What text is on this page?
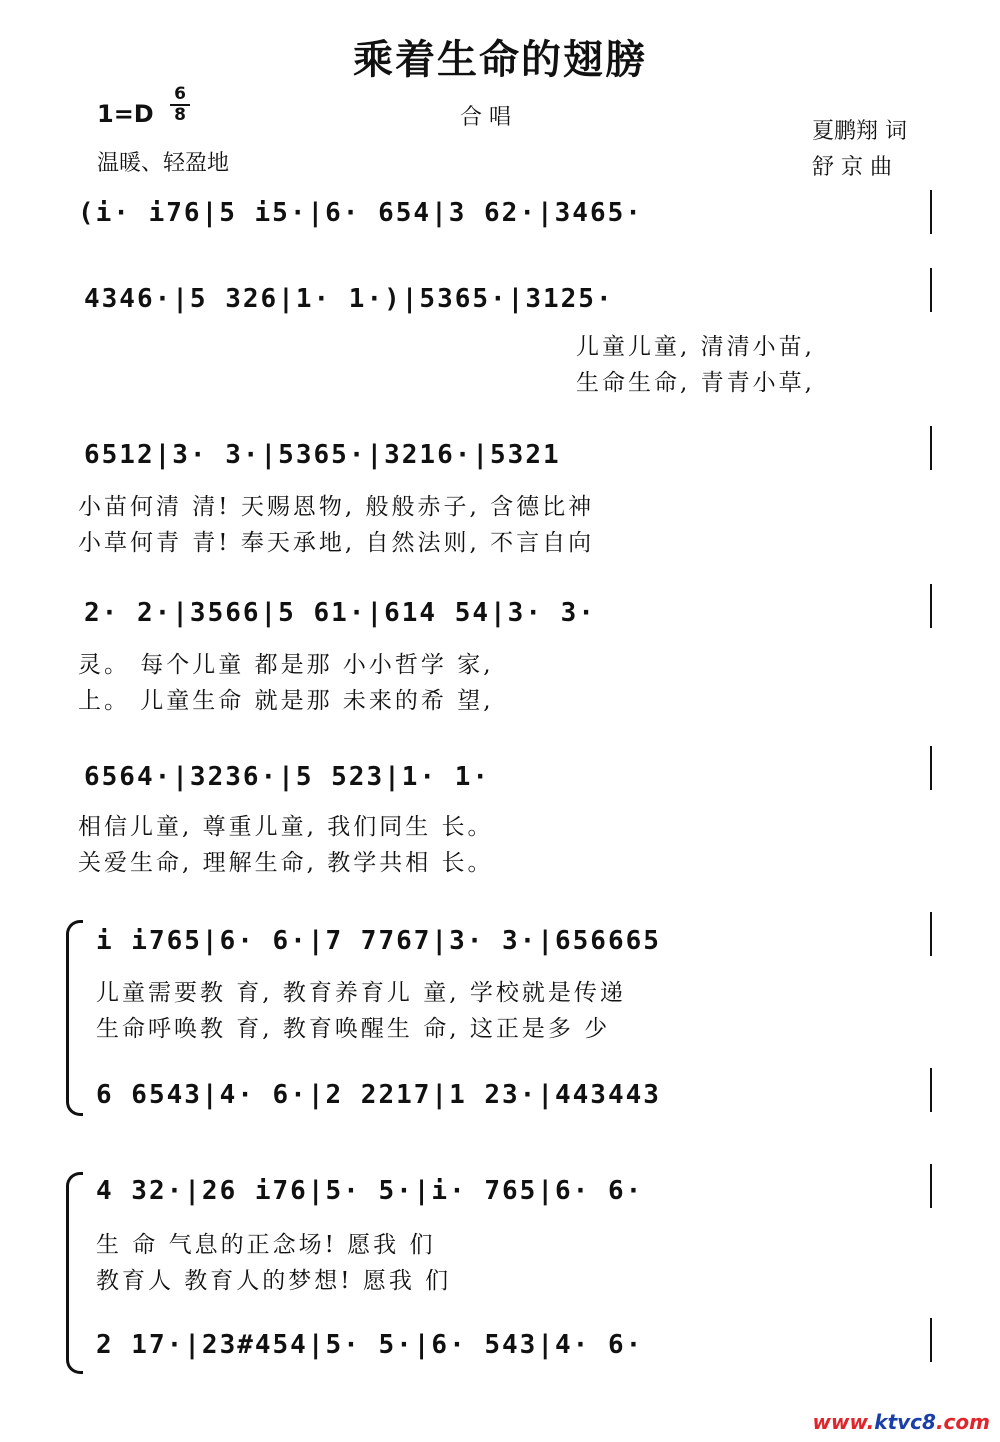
乘着生命的翅膀
1=D
6
8	合 唱
温暖、轻盈地
夏鹏翔 词
舒 京 曲
(i· i76|5 i5·|6· 654|3 62·|3465·
4346·|5 326|1· 1·)|5365·|3125·
儿童儿童, 清清小苗,
生命生命, 青青小草,
6512|3· 3·|5365·|3216·|5321
小苗何清 清! 天赐恩物, 般般赤子, 含德比神
小草何青 青! 奉天承地, 自然法则, 不言自向
2· 2·|3566|5 61·|614 54|3· 3·
灵。 每个儿童 都是那 小小哲学 家,
上。 儿童生命 就是那 未来的希 望,
6564·|3236·|5 523|1· 1·
相信儿童, 尊重儿童, 我们同生 长。
关爱生命, 理解生命, 教学共相 长。
i i765|6· 6·|7 7767|3· 3·|656665
儿童需要教 育, 教育养育儿 童, 学校就是传递
生命呼唤教 育, 教育唤醒生 命, 这正是多 少
6 6543|4· 6·|2 2217|1 23·|443443
4 32·|26 i76|5· 5·|i· 765|6· 6·
生 命 气息的正念场! 愿我 们
教育人 教育人的梦想! 愿我 们
2 17·|23#454|5· 5·|6· 543|4· 6·
www.ktvc8.com
